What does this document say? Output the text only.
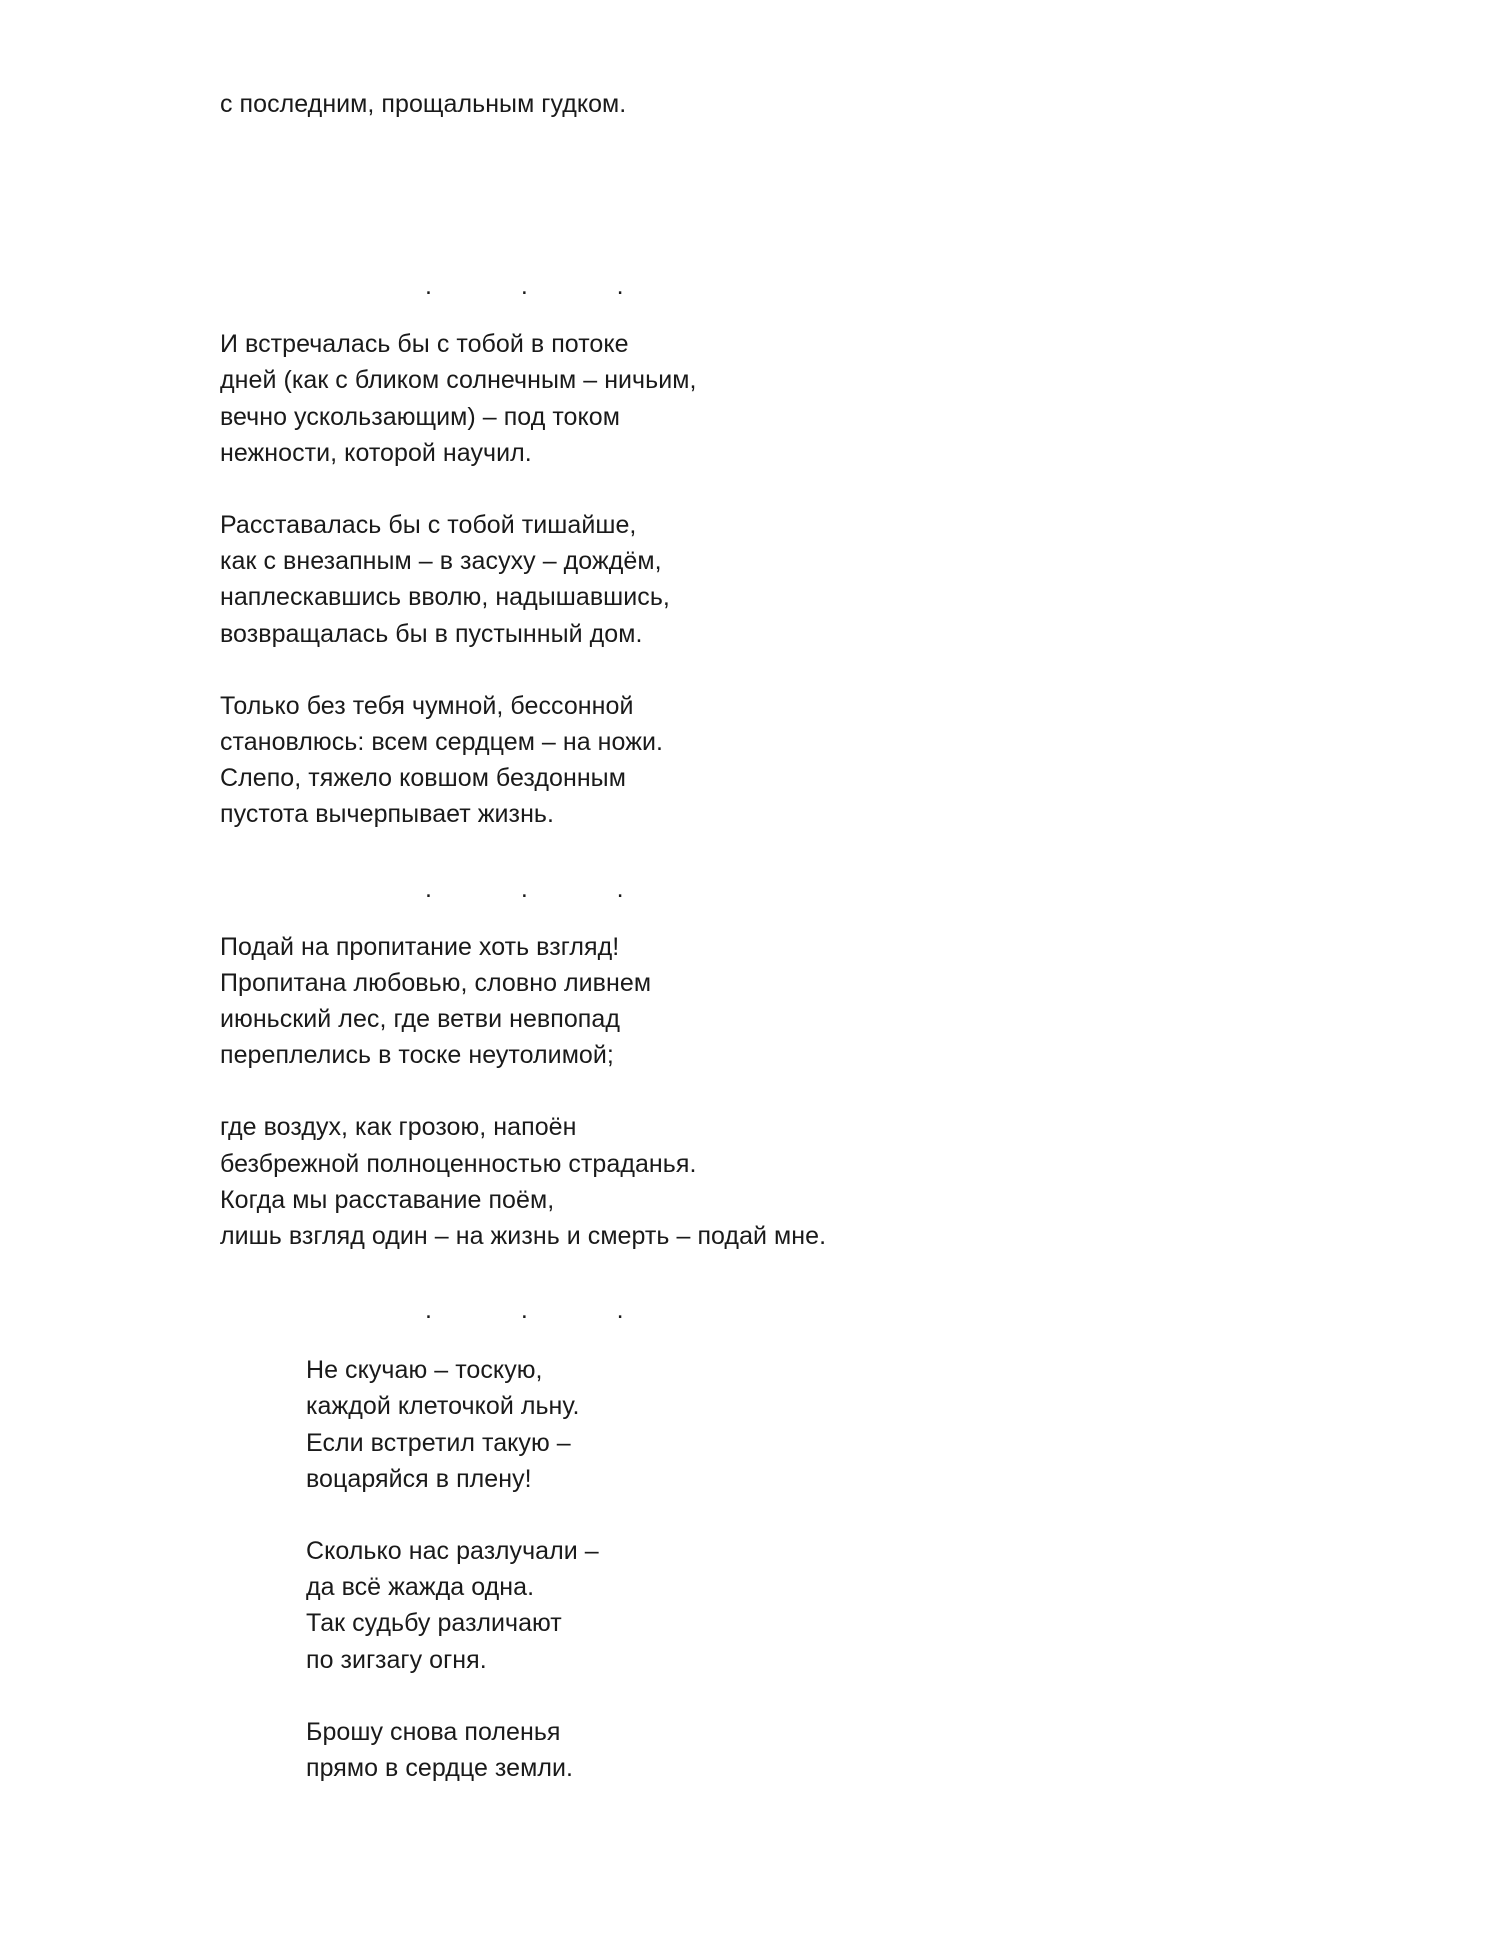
с последним, прощальным гудком.
.  .  .
И встречалась бы с тобой в потоке
дней (как с бликом солнечным – ничьим,
вечно ускользающим) – под током
нежности, которой научил.
Расставалась бы с тобой тишайше,
как с внезапным – в засуху – дождём,
наплескавшись вволю, надышавшись,
возвращалась бы в пустынный дом.
Только без тебя чумной, бессонной
становлюсь: всем сердцем – на ножи.
Слепо, тяжело ковшом бездонным
пустота вычерпывает жизнь.
.  .  .
Подай на пропитание хоть взгляд!
Пропитана любовью, словно ливнем
июньский лес, где ветви невпопад
переплелись в тоске неутолимой;
где воздух, как грозою, напоён
безбрежной полноценностью страданья.
Когда мы расставание поём,
лишь взгляд один – на жизнь и смерть – подай мне.
.  .  .
Не скучаю – тоскую,
каждой клеточкой льну.
Если встретил такую –
воцаряйся в плену!
Сколько нас разлучали –
да всё жажда одна.
Так судьбу различают
по зигзагу огня.
Брошу снова поленья
прямо в сердце земли.
